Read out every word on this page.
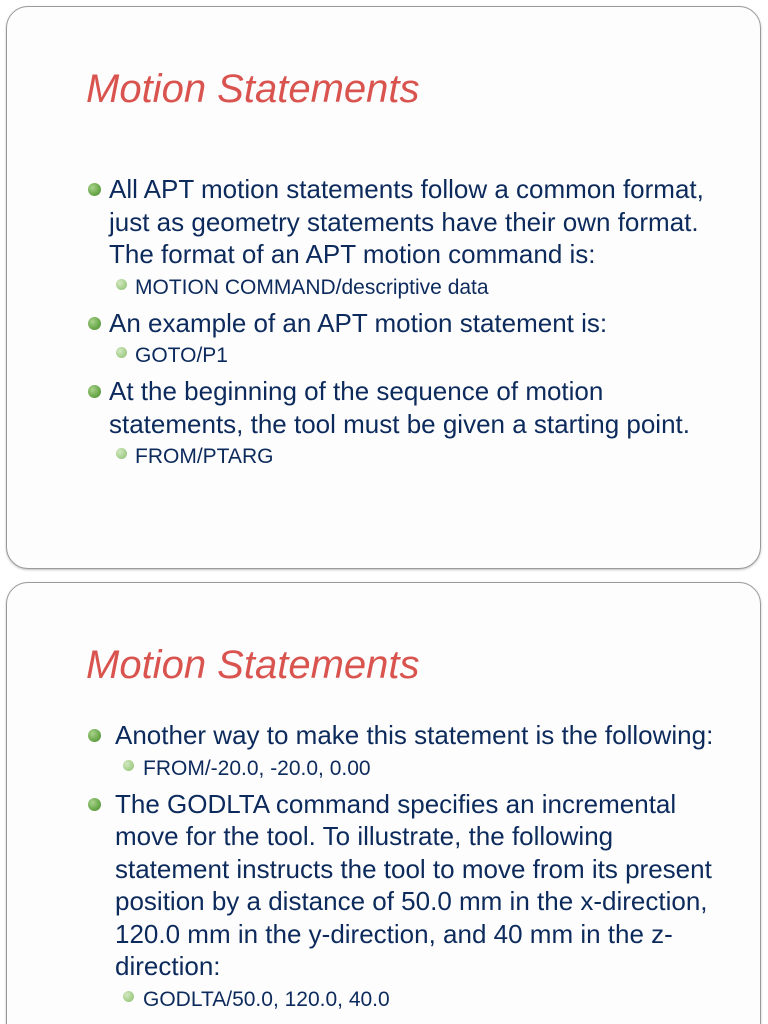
Motion Statements

All APT motion statements follow a common format, just as geometry statements have their own format. The format of an APT motion command is:

MOTION COMMAND/descriptive data

An example of an APT motion statement is:

GOTO/P1

At the beginning of the sequence of motion statements, the tool must be given a starting point.

FROM/PTARG

Motion Statements

Another way to make this statement is the following:

FROM/-20.0, -20.0, 0.00

The GODLTA command specifies an incremental move for the tool. To illustrate, the following statement instructs the tool to move from its present position by a distance of 50.0 mm in the x-direction, 120.0 mm in the y-direction, and 40 mm in the z-direction:

GODLTA/50.0, 120.0, 40.0
